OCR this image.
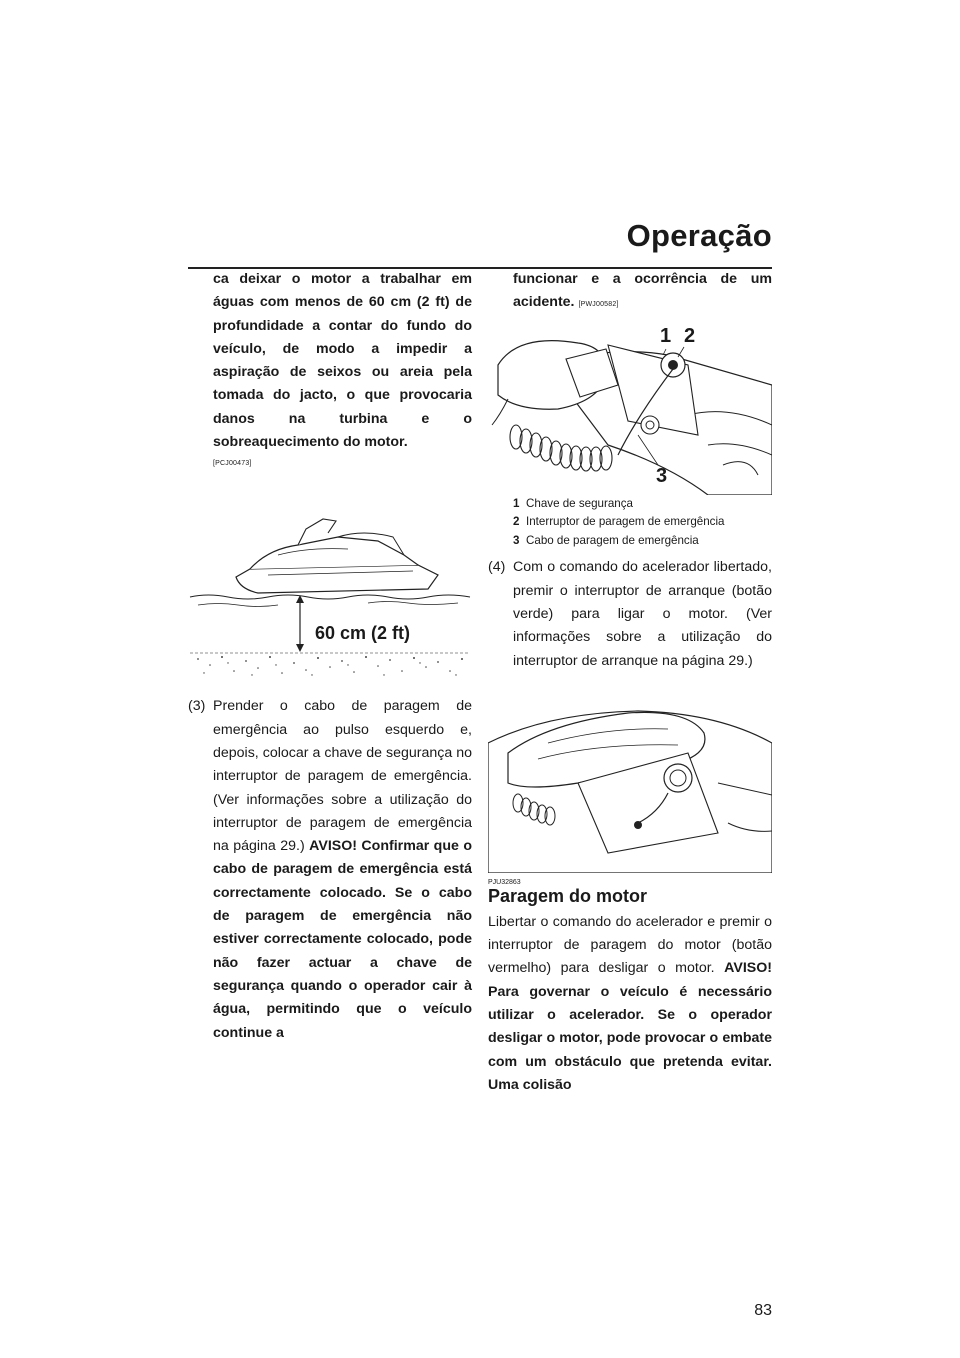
Operação

ca deixar o motor a trabalhar em águas com menos de 60 cm (2 ft) de profundidade a contar do fundo do veículo, de modo a impedir a aspiração de seixos ou areia pela tomada do jacto, o que provocaria danos na turbina e o sobreaquecimento do motor.

[PCJ00473]
60 cm (2 ft)
(3) Prender o cabo de paragem de emergência ao pulso esquerdo e, depois, colocar a chave de segurança no interruptor de paragem de emergência. (Ver informações sobre a utilização do interruptor de paragem de emergência na página 29.) AVISO! Confirmar que o cabo de paragem de emergência está correctamente colocado. Se o cabo de paragem de emergência não estiver correctamente colocado, pode não fazer actuar a chave de segurança quando o operador cair à água, permitindo que o veículo continue a

funcionar e a ocorrência de um acidente. [PWJ00582]

1 2
3
1 Chave de segurança
2 Interruptor de paragem de emergência
3 Cabo de paragem de emergência
(4) Com o comando do acelerador libertado, premir o interruptor de arranque (botão verde) para ligar o motor. (Ver informações sobre a utilização do interruptor de arranque na página 29.)

PJU32863
Paragem do motor

Libertar o comando do acelerador e premir o interruptor de paragem do motor (botão vermelho) para desligar o motor. AVISO! Para governar o veículo é necessário utilizar o acelerador. Se o operador desligar o motor, pode provocar o embate com um obstáculo que pretenda evitar. Uma colisão

83
